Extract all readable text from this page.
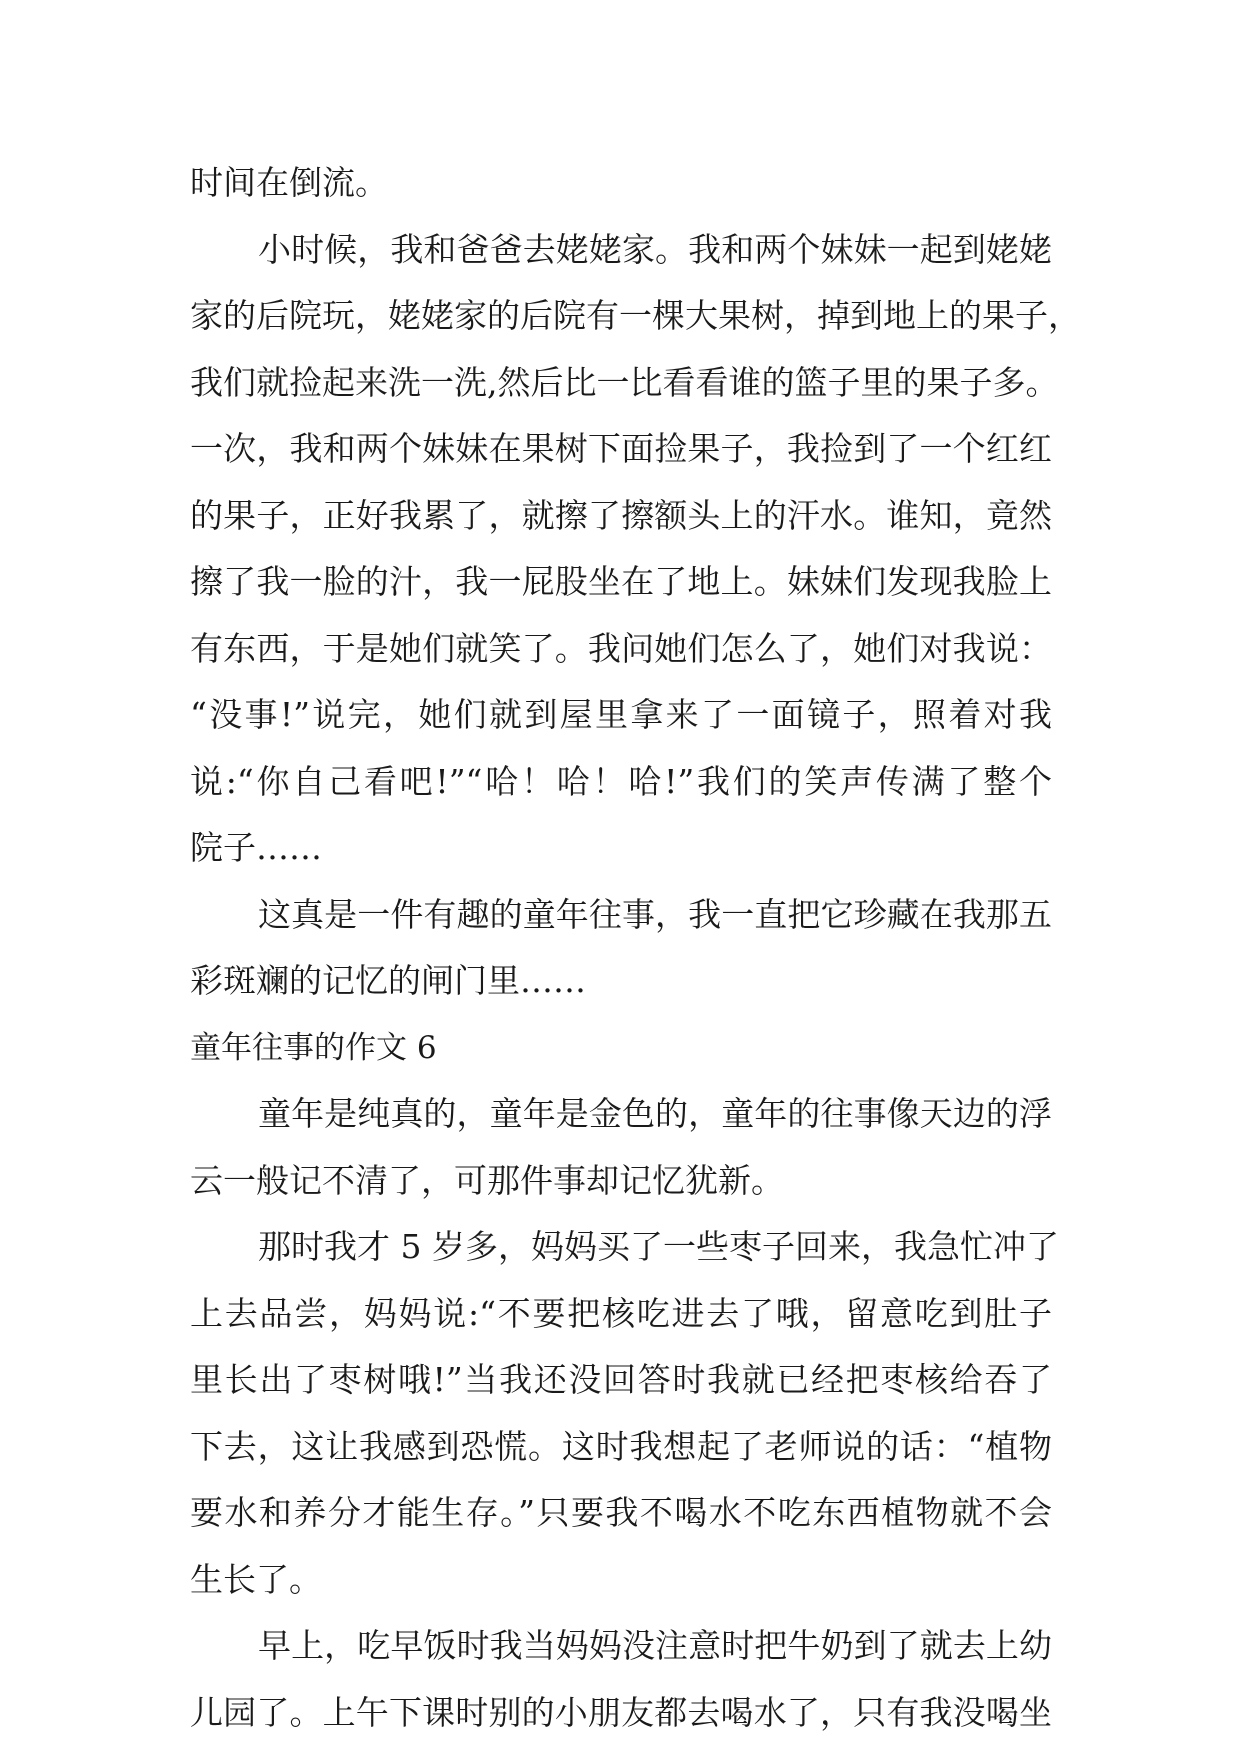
时间在倒流。
小时候，我和爸爸去姥姥家。我和两个妹妹一起到姥姥
家的后院玩，姥姥家的后院有一棵大果树，掉到地上的果子，
我们就捡起来洗一洗,然后比一比看看谁的篮子里的果子多。
一次，我和两个妹妹在果树下面捡果子，我捡到了一个红红
的果子，正好我累了，就擦了擦额头上的汗水。谁知，竟然
擦了我一脸的汁，我一屁股坐在了地上。妹妹们发现我脸上
有东西，于是她们就笑了。我问她们怎么了，她们对我说：
“没事!”说完，她们就到屋里拿来了一面镜子，照着对我
说:“你自己看吧!”“哈！哈！哈!”我们的笑声传满了整个
院子……
这真是一件有趣的童年往事，我一直把它珍藏在我那五
彩斑斓的记忆的闸门里……
童年往事的作文 6
童年是纯真的，童年是金色的，童年的往事像天边的浮
云一般记不清了，可那件事却记忆犹新。
那时我才 5 岁多，妈妈买了一些枣子回来，我急忙冲了
上去品尝，妈妈说:“不要把核吃进去了哦，留意吃到肚子
里长出了枣树哦!”当我还没回答时我就已经把枣核给吞了
下去，这让我感到恐慌。这时我想起了老师说的话：“植物
要水和养分才能生存。”只要我不喝水不吃东西植物就不会
生长了。
早上，吃早饭时我当妈妈没注意时把牛奶到了就去上幼
儿园了。上午下课时别的小朋友都去喝水了，只有我没喝坐
